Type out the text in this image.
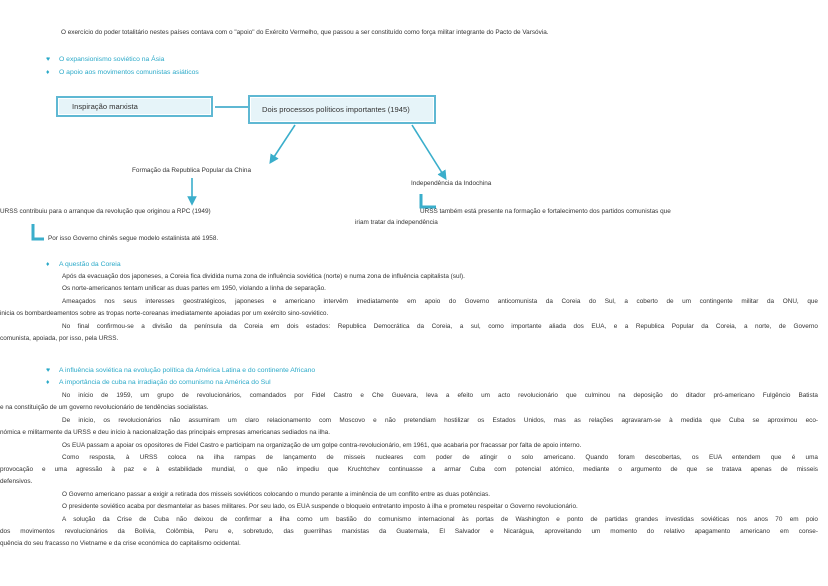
O exercício do poder totalitário nestes países contava com o "apoio" do Exército Vermelho, que passou a ser constituído como força militar integrante do Pacto de Varsóvia.
♥ O expansionismo soviético na Ásia
♦ O apoio aos movimentos comunistas asiáticos
Inspiração marxista	Dois processos políticos importantes (1945)
Formação da Republica Popular da China
Independência da Indochina
URSS contribuiu para o arranque da revolução que originou a RPC (1949)
Por isso Governo chinês segue modelo estalinista até 1958.
URSS também está presente na formação e fortalecimento dos partidos comunistas que
iriam tratar da independência
♦ A questão da Coreia
Após da evacuação dos japoneses, a Coreia fica dividida numa zona de influência soviética (norte) e numa zona de influência capitalista (sul).
Os norte-americanos tentam unificar as duas partes em 1950, violando a linha de separação.
Ameaçados nos seus interesses geostratégicos, japoneses e americano intervêm imediatamente em apoio do Governo anticomunista da Coreia do Sul, a coberto de um contingente militar da ONU, que
inicia os bombardeamentos sobre as tropas norte-coreanas imediatamente apoiadas por um exército sino-soviético.
No final confirmou-se a divisão da península da Coreia em dois estados: Republica Democrática da Coreia, a sul, como importante aliada dos EUA, e a Republica Popular da Coreia, a norte, de Governo
comunista, apoiada, por isso, pela URSS.
♥ A influência soviética na evolução política da América Latina e do continente Africano
♦ A importância de cuba na irradiação do comunismo na América do Sul
No início de 1959, um grupo de revolucionários, comandados por Fidel Castro e Che Guevara, leva a efeito um acto revolucionário que culminou na deposição do ditador pró-americano Fulgêncio Batista
e na constituição de um governo revolucionário de tendências socialistas.
De início, os revolucionários não assumiram um claro relacionamento com Moscovo e não pretendiam hostilizar os Estados Unidos, mas as relações agravaram-se à medida que Cuba se aproximou eco-
nómica e militarmente da URSS e deu início à nacionalização das principais empresas americanas sediados na ilha.
Os EUA passam a apoiar os opositores de Fidel Castro e participam na organização de um golpe contra-revolucionário, em 1961, que acabaria por fracassar por falta de apoio interno.
Como resposta, à URSS coloca na ilha rampas de lançamento de misseis nucleares com poder de atingir o solo americano. Quando foram descobertas, os EUA entendem que é uma
provocação e uma agressão à paz e à estabilidade mundial, o que não impediu que Kruchtchev continuasse a armar Cuba com potencial atómico, mediante o argumento de que se tratava apenas de misseis
defensivos.
O Governo americano passar a exigir a retirada dos misseis soviéticos colocando o mundo perante a iminência de um conflito entre as duas potências.
O presidente soviético acaba por desmantelar as bases militares. Por seu lado, os EUA suspende o bloqueio entretanto imposto à ilha e prometeu respeitar o Governo revolucionário.
A solução da Crise de Cuba não deixou de confirmar a ilha como um bastião do comunismo internacional às portas de Washington e ponto de partidas grandes investidas soviéticas nos anos 70 em poio
dos movimentos revolucionários da Bolívia, Colômbia, Peru e, sobretudo, das guerrilhas marxistas da Guatemala, El Salvador e Nicarágua, aproveitando um momento do relativo apagamento americano em conse-
quência do seu fracasso no Vietname e da crise económica do capitalismo ocidental.
